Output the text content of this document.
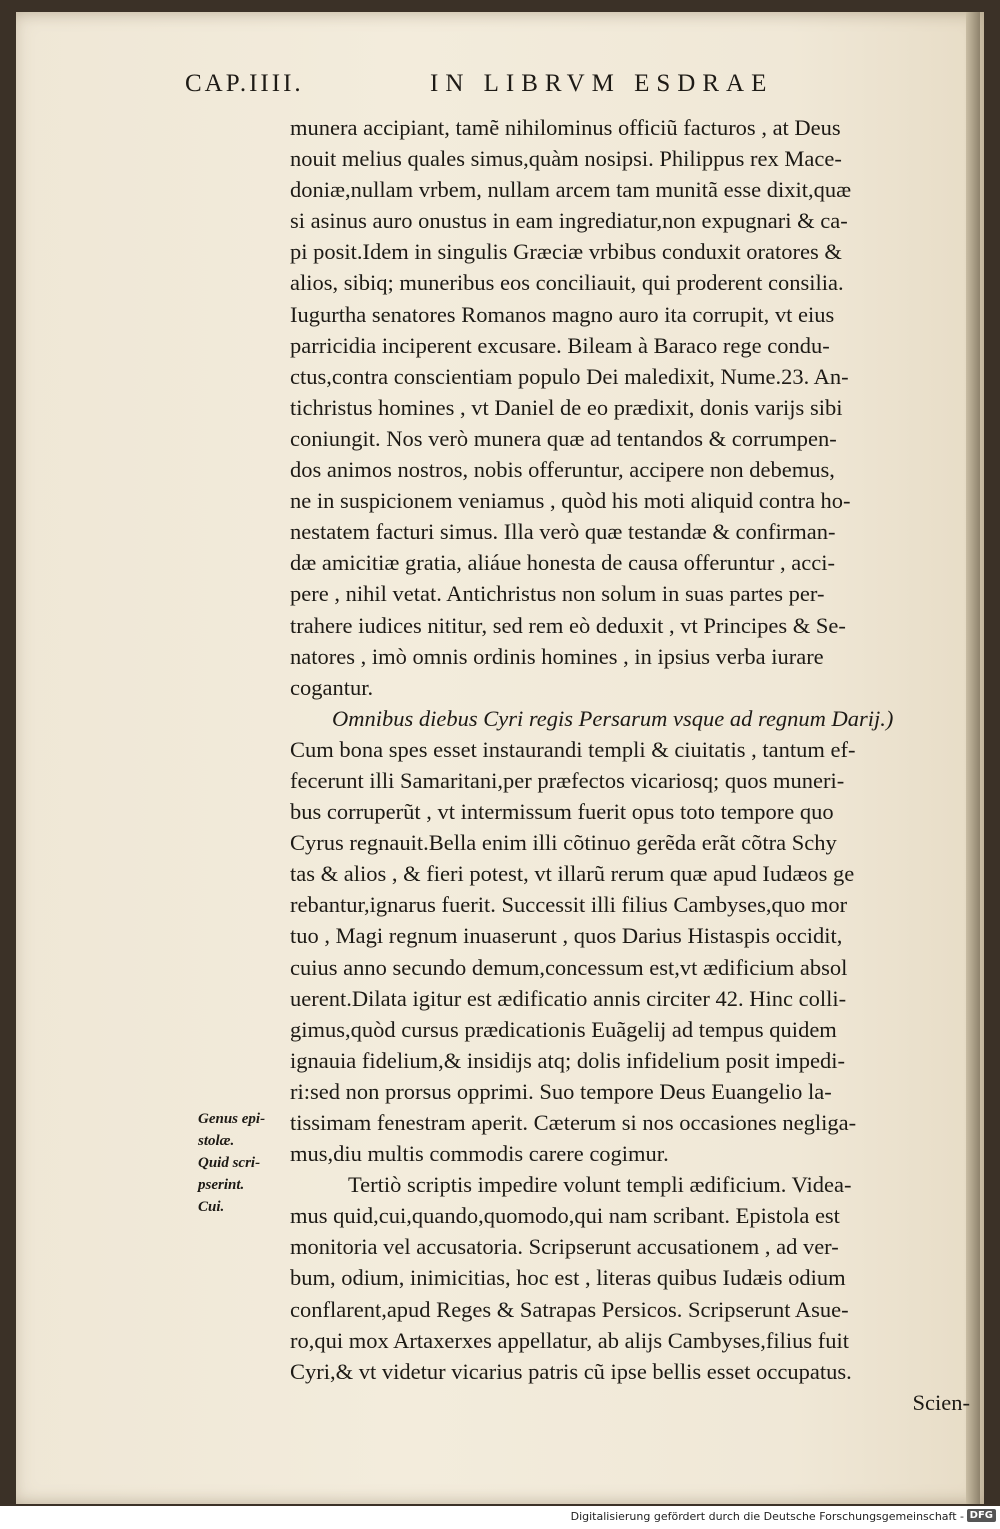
CAP.IIII.	IN LIBRVM ESDRAE
munera accipiant, tamẽ nihilominus officiũ facturos , at Deus
nouit melius quales simus,quàm nosipsi. Philippus rex Mace-
doniæ,nullam vrbem, nullam arcem tam munitã esse dixit,quæ
si asinus auro onustus in eam ingrediatur,non expugnari & ca-
pi posit.Idem in singulis Græciæ vrbibus conduxit oratores &
alios, sibiq; muneribus eos conciliauit, qui proderent consilia.
Iugurtha senatores Romanos magno auro ita corrupit, vt eius
parricidia inciperent excusare. Bileam à Baraco rege condu-
ctus,contra conscientiam populo Dei maledixit, Nume.23. An-
tichristus homines , vt Daniel de eo prædixit, donis varijs sibi
coniungit. Nos verò munera quæ ad tentandos & corrumpen-
dos animos nostros, nobis offeruntur, accipere non debemus,
ne in suspicionem veniamus , quòd his moti aliquid contra ho-
nestatem facturi simus. Illa verò quæ testandæ & confirman-
dæ amicitiæ gratia, aliáue honesta de causa offeruntur , acci-
pere , nihil vetat. Antichristus non solum in suas partes per-
trahere iudices nititur, sed rem eò deduxit , vt Principes & Se-
natores , imò omnis ordinis homines , in ipsius verba iurare
cogantur.
Omnibus diebus Cyri regis Persarum vsque ad regnum Darij.)
Cum bona spes esset instaurandi templi & ciuitatis , tantum ef-
fecerunt illi Samaritani,per præfectos vicariosq; quos muneri-
bus corruperũt , vt intermissum fuerit opus toto tempore quo
Cyrus regnauit.Bella enim illi cõtinuo gerẽda erãt cõtra Schy
tas & alios , & fieri potest, vt illarũ rerum quæ apud Iudæos ge
rebantur,ignarus fuerit. Successit illi filius Cambyses,quo mor
tuo , Magi regnum inuaserunt , quos Darius Histaspis occidit,
cuius anno secundo demum,concessum est,vt ædificium absol
uerent.Dilata igitur est ædificatio annis circiter 42. Hinc colli-
gimus,quòd cursus prædicationis Euãgelij ad tempus quidem
ignauia fidelium,& insidijs atq; dolis infidelium posit impedi-
ri:sed non prorsus opprimi. Suo tempore Deus Euangelio la-
tissimam fenestram aperit. Cæterum si nos occasiones negliga-
mus,diu multis commodis carere cogimur.
Tertiò scriptis impedire volunt templi ædificium. Videa-
mus quid,cui,quando,quomodo,qui nam scribant. Epistola est
monitoria vel accusatoria. Scripserunt accusationem , ad ver-
bum, odium, inimicitias, hoc est , literas quibus Iudæis odium
conflarent,apud Reges & Satrapas Persicos. Scripserunt Asue-
ro,qui mox Artaxerxes appellatur, ab alijs Cambyses,filius fuit
Cyri,& vt videtur vicarius patris cũ ipse bellis esset occupatus.
Scien-
Genus epi-
stolæ.
Quid scri-
pserint.
Cui.
Digitalisierung gefördert durch die Deutsche Forschungsgemeinschaft - DFG
